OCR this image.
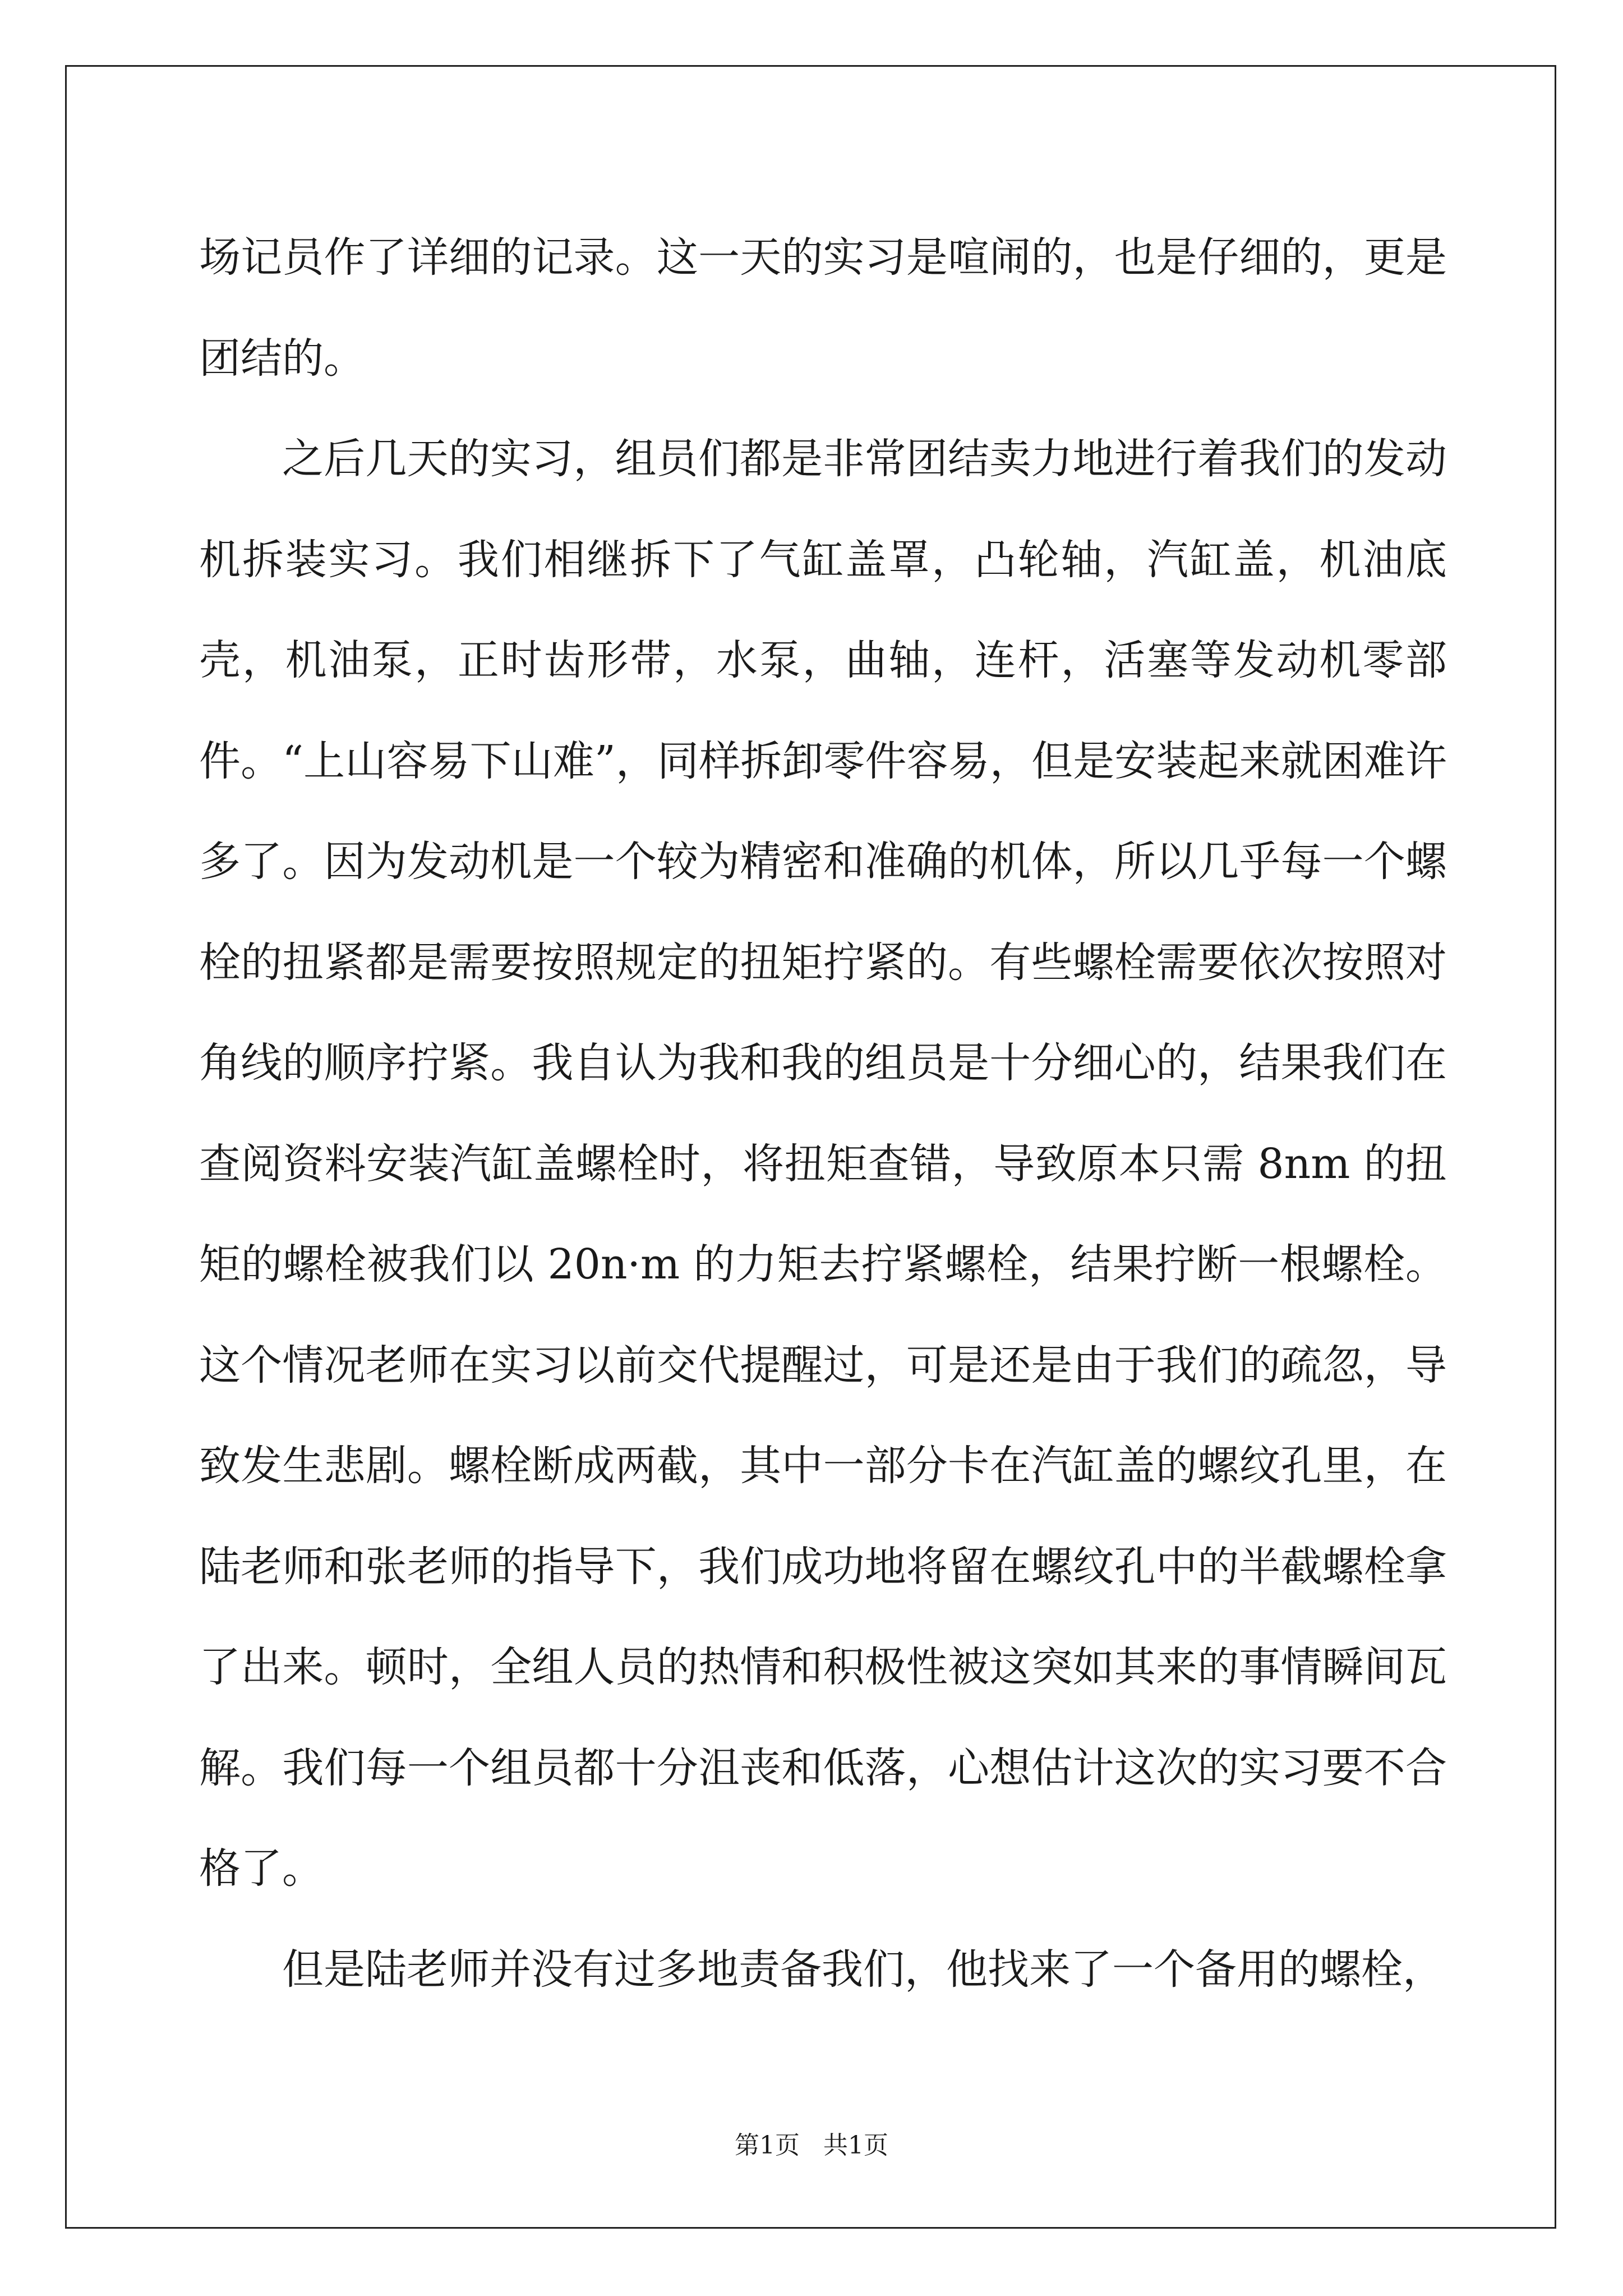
场记员作了详细的记录。这一天的实习是喧闹的，也是仔细的，更是团结的。

之后几天的实习，组员们都是非常团结卖力地进行着我们的发动机拆装实习。我们相继拆下了气缸盖罩，凸轮轴，汽缸盖，机油底壳，机油泵，正时齿形带，水泵，曲轴，连杆，活塞等发动机零部件。“上山容易下山难”，同样拆卸零件容易，但是安装起来就困难许多了。因为发动机是一个较为精密和准确的机体，所以几乎每一个螺栓的扭紧都是需要按照规定的扭矩拧紧的。有些螺栓需要依次按照对角线的顺序拧紧。我自认为我和我的组员是十分细心的，结果我们在查阅资料安装汽缸盖螺栓时，将扭矩查错，导致原本只需 8nm 的扭矩的螺栓被我们以 20n·m 的力矩去拧紧螺栓，结果拧断一根螺栓。这个情况老师在实习以前交代提醒过，可是还是由于我们的疏忽，导致发生悲剧。螺栓断成两截，其中一部分卡在汽缸盖的螺纹孔里，在陆老师和张老师的指导下，我们成功地将留在螺纹孔中的半截螺栓拿了出来。顿时，全组人员的热情和积极性被这突如其来的事情瞬间瓦解。我们每一个组员都十分沮丧和低落，心想估计这次的实习要不合格了。

但是陆老师并没有过多地责备我们，他找来了一个备用的螺栓，

第1页   共1页
